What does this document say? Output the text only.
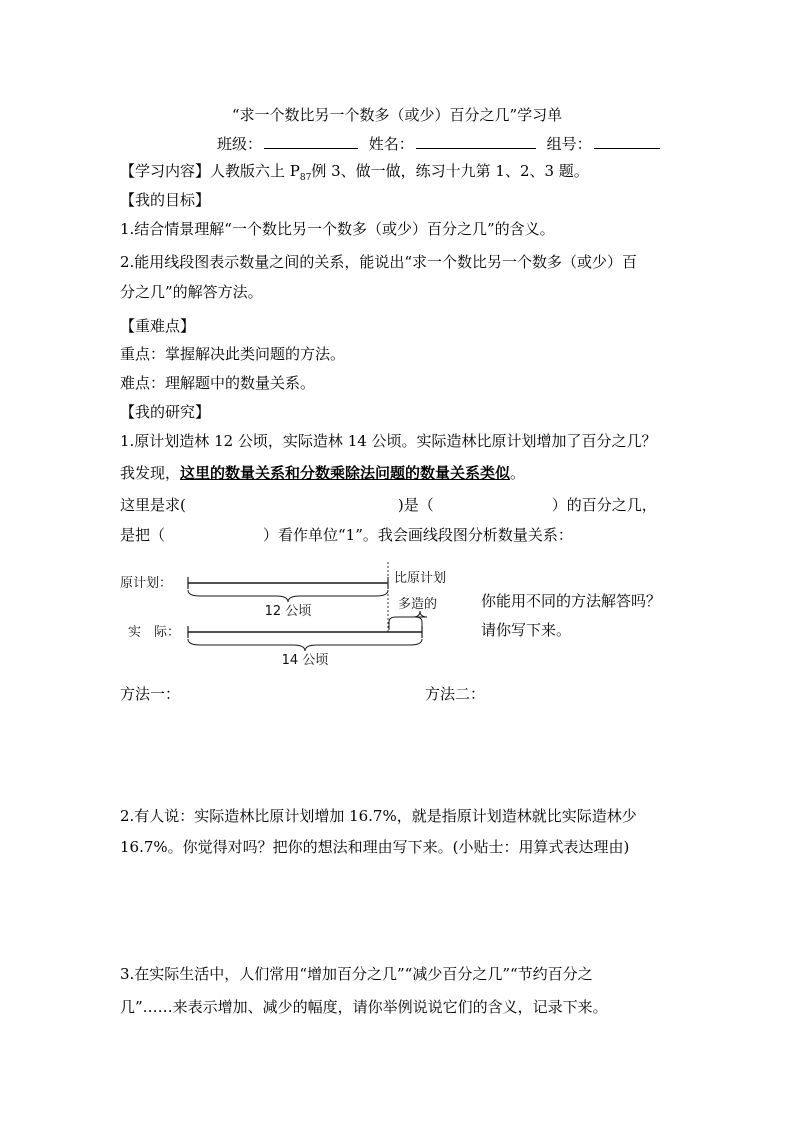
“求一个数比另一个数多（或少）百分之几”学习单
班级：	姓名：	组号：
【学习内容】人教版六上 $P_{87}$例 3、做一做，练习十九第 1、2、3 题。
【我的目标】
1.结合情景理解“一个数比另一个数多（或少）百分之几”的含义。
2.能用线段图表示数量之间的关系，能说出“求一个数比另一个数多（或少）百
分之几”的解答方法。
【重难点】
重点：掌握解决此类问题的方法。
难点：理解题中的数量关系。
【我的研究】
1.原计划造林 12 公顷，实际造林 14 公顷。实际造林比原计划增加了百分之几？
我发现，这里的数量关系和分数乘除法问题的数量关系类似。
这里是求(	)是（	）的百分之几，
是把（	）看作单位“1”。我会画线段图分析数量关系：
原计划：
12 公顷
比原计划
多造的
实　际：
14 公顷
你能用不同的方法解答吗？
请你写下来。
方法一：	方法二：
2.有人说：实际造林比原计划增加 16.7%，就是指原计划造林就比实际造林少
16.7%。你觉得对吗？把你的想法和理由写下来。(小贴士：用算式表达理由)
3.在实际生活中，人们常用“增加百分之几”“减少百分之几”“节约百分之
几”……来表示增加、减少的幅度，请你举例说说它们的含义，记录下来。
